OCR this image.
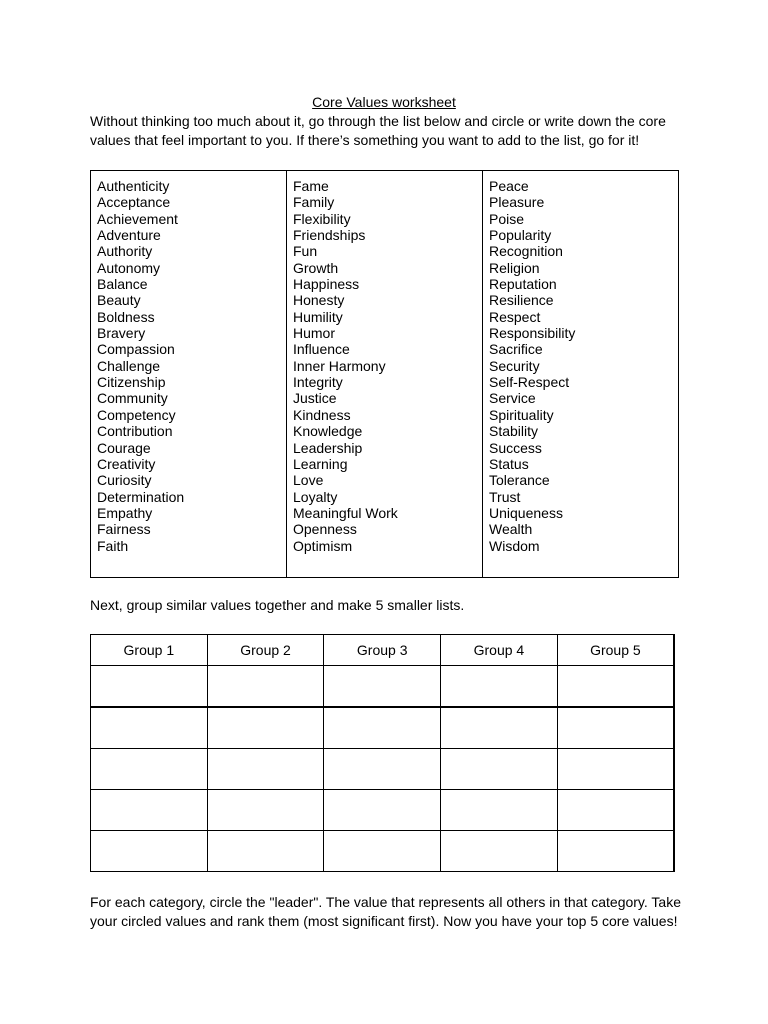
Core Values worksheet

Without thinking too much about it, go through the list below and circle or write down the core values that feel important to you. If there’s something you want to add to the list, go for it!

Authenticity
Acceptance
Achievement
Adventure
Authority
Autonomy
Balance
Beauty
Boldness
Bravery
Compassion
Challenge
Citizenship
Community
Competency
Contribution
Courage
Creativity
Curiosity
Determination
Empathy
Fairness
Faith

Fame
Family
Flexibility
Friendships
Fun
Growth
Happiness
Honesty
Humility
Humor
Influence
Inner Harmony
Integrity
Justice
Kindness
Knowledge
Leadership
Learning
Love
Loyalty
Meaningful Work
Openness
Optimism

Peace
Pleasure
Poise
Popularity
Recognition
Religion
Reputation
Resilience
Respect
Responsibility
Sacrifice
Security
Self-Respect
Service
Spirituality
Stability
Success
Status
Tolerance
Trust
Uniqueness
Wealth
Wisdom

Next, group similar values together and make 5 smaller lists.

Group 1	Group 2	Group 3	Group 4	Group 5

For each category, circle the "leader". The value that represents all others in that category. Take your circled values and rank them (most significant first). Now you have your top 5 core values!
